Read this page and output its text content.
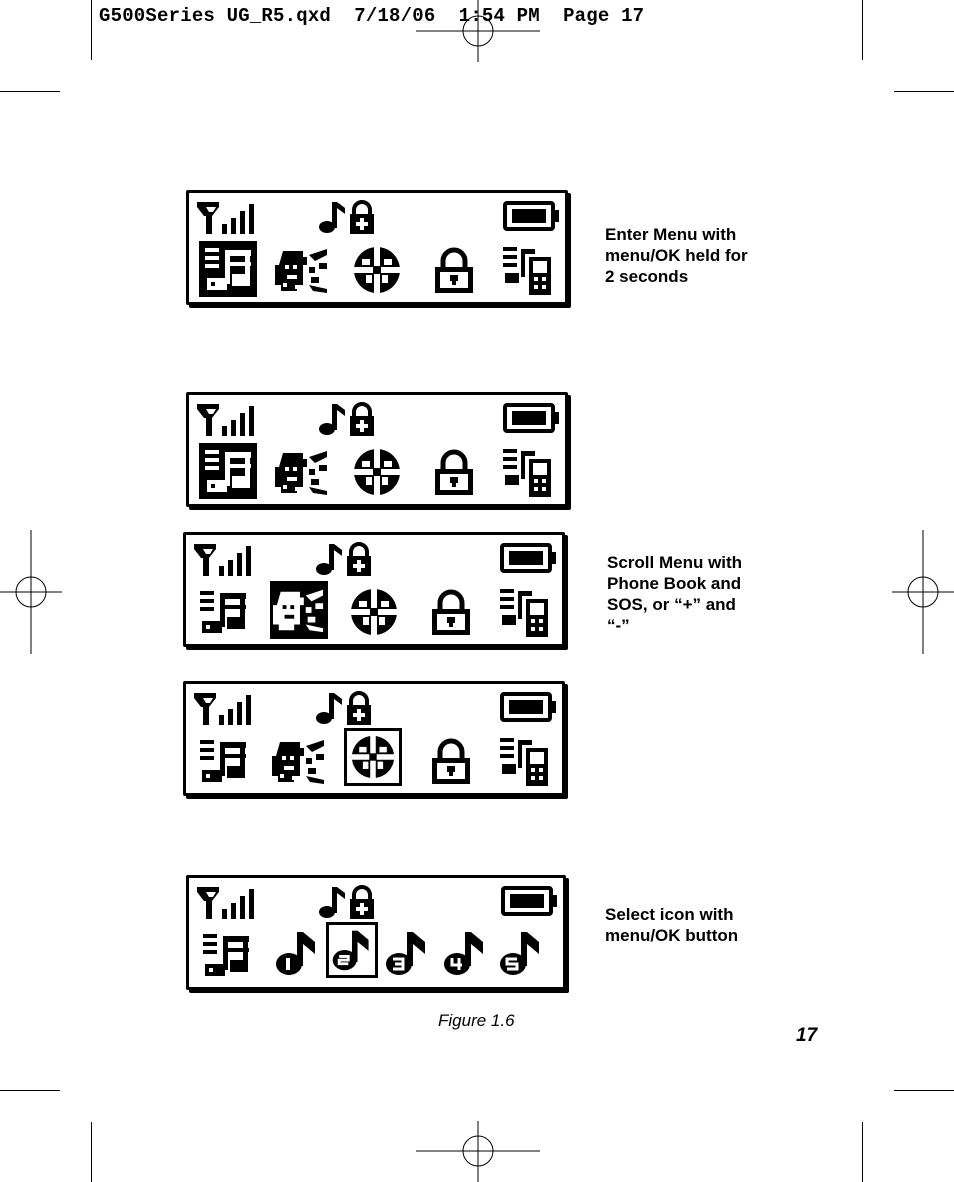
G500Series UG_R5.qxd  7/18/06  1:54 PM  Page 17
Enter Menu with
menu/OK held for
2 seconds
Scroll Menu with
Phone Book and
SOS, or “+” and
“-”
Select icon with
menu/OK button
Figure 1.6
17
